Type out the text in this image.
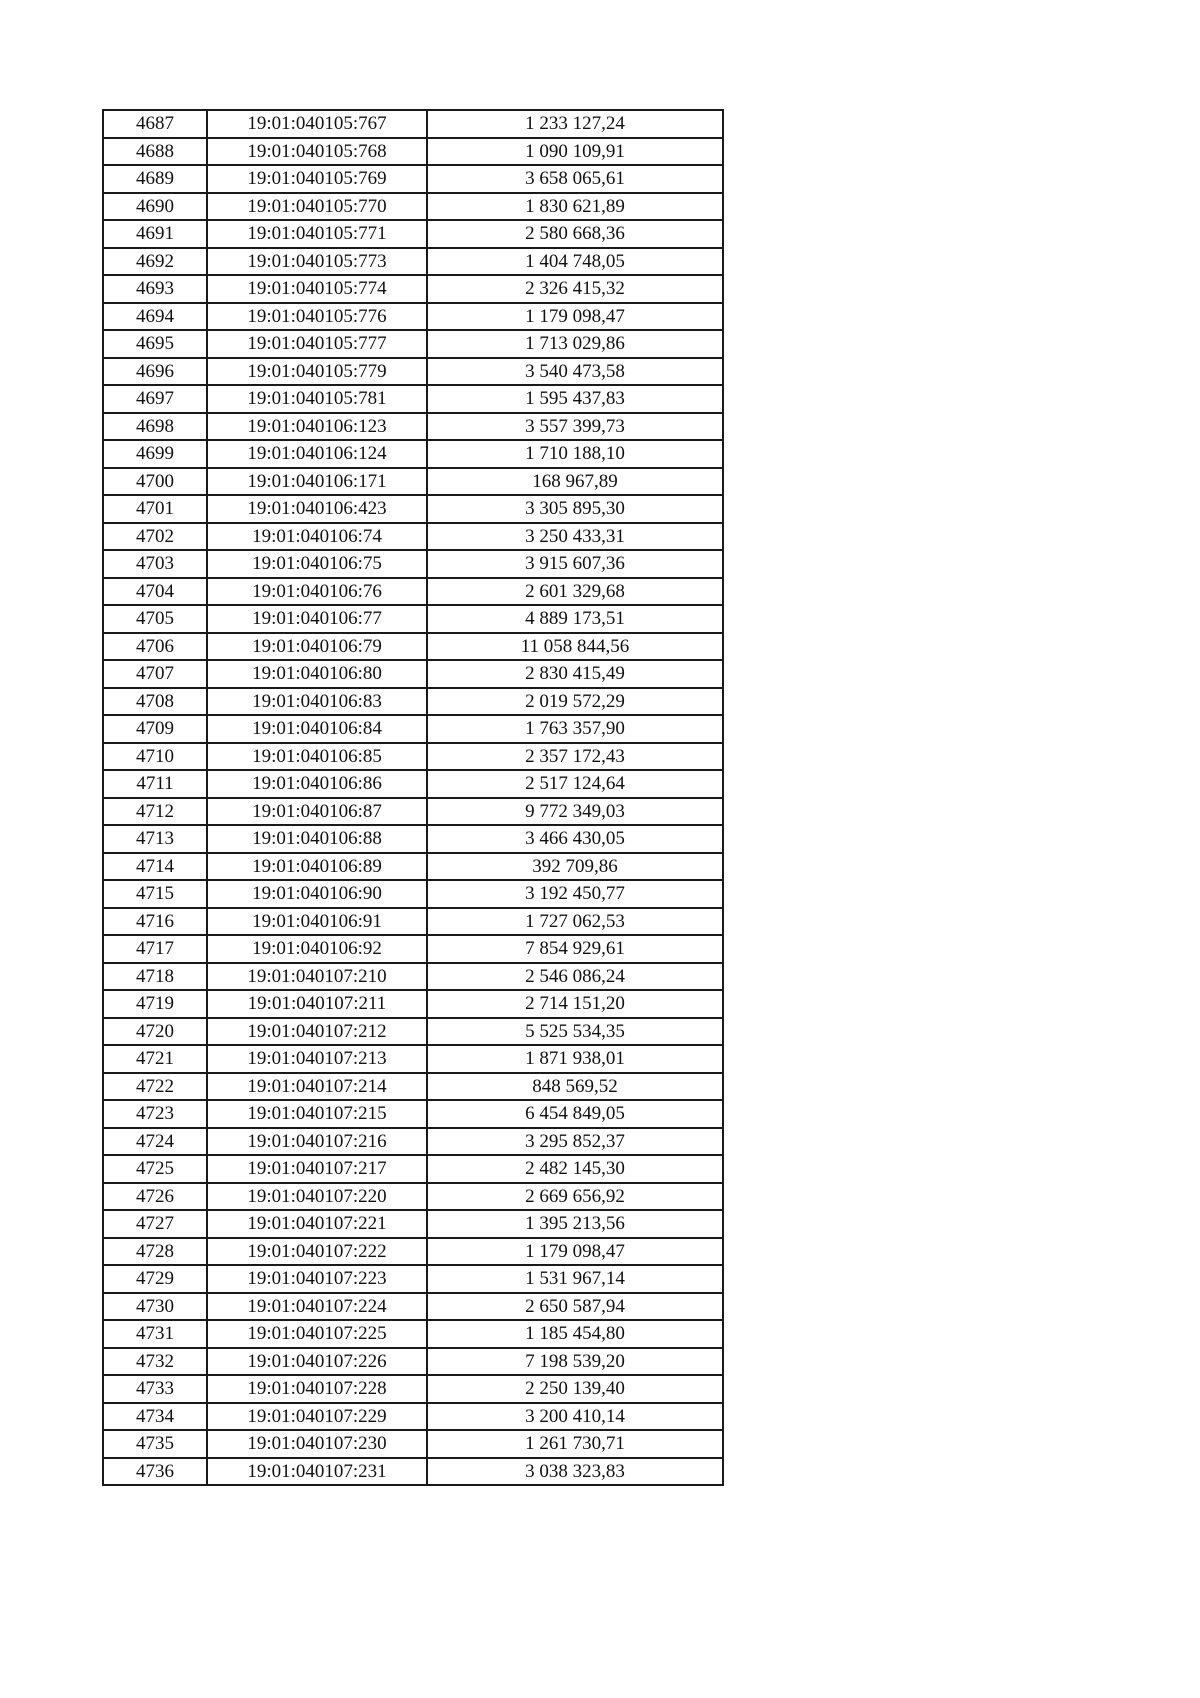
4687	19:01:040105:767	1 233 127,24
4688	19:01:040105:768	1 090 109,91
4689	19:01:040105:769	3 658 065,61
4690	19:01:040105:770	1 830 621,89
4691	19:01:040105:771	2 580 668,36
4692	19:01:040105:773	1 404 748,05
4693	19:01:040105:774	2 326 415,32
4694	19:01:040105:776	1 179 098,47
4695	19:01:040105:777	1 713 029,86
4696	19:01:040105:779	3 540 473,58
4697	19:01:040105:781	1 595 437,83
4698	19:01:040106:123	3 557 399,73
4699	19:01:040106:124	1 710 188,10
4700	19:01:040106:171	168 967,89
4701	19:01:040106:423	3 305 895,30
4702	19:01:040106:74	3 250 433,31
4703	19:01:040106:75	3 915 607,36
4704	19:01:040106:76	2 601 329,68
4705	19:01:040106:77	4 889 173,51
4706	19:01:040106:79	11 058 844,56
4707	19:01:040106:80	2 830 415,49
4708	19:01:040106:83	2 019 572,29
4709	19:01:040106:84	1 763 357,90
4710	19:01:040106:85	2 357 172,43
4711	19:01:040106:86	2 517 124,64
4712	19:01:040106:87	9 772 349,03
4713	19:01:040106:88	3 466 430,05
4714	19:01:040106:89	392 709,86
4715	19:01:040106:90	3 192 450,77
4716	19:01:040106:91	1 727 062,53
4717	19:01:040106:92	7 854 929,61
4718	19:01:040107:210	2 546 086,24
4719	19:01:040107:211	2 714 151,20
4720	19:01:040107:212	5 525 534,35
4721	19:01:040107:213	1 871 938,01
4722	19:01:040107:214	848 569,52
4723	19:01:040107:215	6 454 849,05
4724	19:01:040107:216	3 295 852,37
4725	19:01:040107:217	2 482 145,30
4726	19:01:040107:220	2 669 656,92
4727	19:01:040107:221	1 395 213,56
4728	19:01:040107:222	1 179 098,47
4729	19:01:040107:223	1 531 967,14
4730	19:01:040107:224	2 650 587,94
4731	19:01:040107:225	1 185 454,80
4732	19:01:040107:226	7 198 539,20
4733	19:01:040107:228	2 250 139,40
4734	19:01:040107:229	3 200 410,14
4735	19:01:040107:230	1 261 730,71
4736	19:01:040107:231	3 038 323,83
